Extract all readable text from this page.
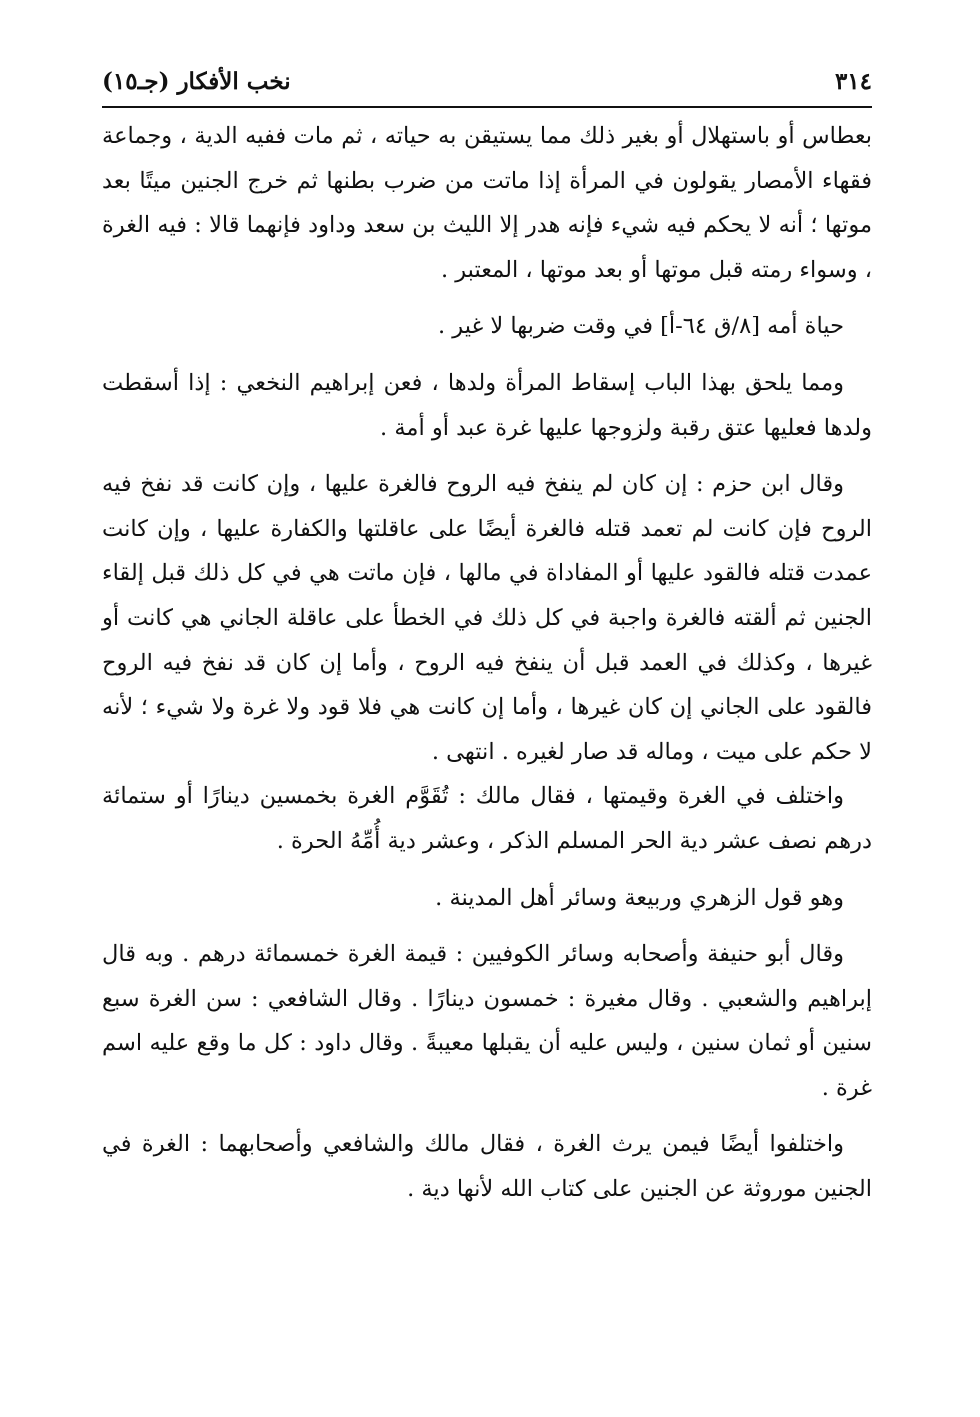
٣١٤
نخب الأفكار (جـ١٥)

بعطاس أو باستهلال أو بغير ذلك مما يستيقن به حياته ، ثم مات ففيه الدية ، وجماعة فقهاء الأمصار يقولون في المرأة إذا ماتت من ضرب بطنها ثم خرج الجنين ميتًا بعد موتها ؛ أنه لا يحكم فيه شيء فإنه هدر إلا الليث بن سعد وداود فإنهما قالا : فيه الغرة ، وسواء رمته قبل موتها أو بعد موتها ، المعتبر .

حياة أمه [٨/ق ٦٤-أ] في وقت ضربها لا غير .

ومما يلحق بهذا الباب إسقاط المرأة ولدها ، فعن إبراهيم النخعي : إذا أسقطت ولدها فعليها عتق رقبة ولزوجها عليها غرة عبد أو أمة .

وقال ابن حزم : إن كان لم ينفخ فيه الروح فالغرة عليها ، وإن كانت قد نفخ فيه الروح فإن كانت لم تعمد قتله فالغرة أيضًا على عاقلتها والكفارة عليها ، وإن كانت عمدت قتله فالقود عليها أو المفاداة في مالها ، فإن ماتت هي في كل ذلك قبل إلقاء الجنين ثم ألقته فالغرة واجبة في كل ذلك في الخطأ على عاقلة الجاني هي كانت أو غيرها ، وكذلك في العمد قبل أن ينفخ فيه الروح ، وأما إن كان قد نفخ فيه الروح فالقود على الجاني إن كان غيرها ، وأما إن كانت هي فلا قود ولا غرة ولا شيء ؛ لأنه لا حكم على ميت ، وماله قد صار لغيره . انتهى .

واختلف في الغرة وقيمتها ، فقال مالك : تُقَوَّم الغرة بخمسين دينارًا أو ستمائة درهم نصف عشر دية الحر المسلم الذكر ، وعشر دية أُمِّهُ الحرة .

وهو قول الزهري وربيعة وسائر أهل المدينة .

وقال أبو حنيفة وأصحابه وسائر الكوفيين : قيمة الغرة خمسمائة درهم . وبه قال إبراهيم والشعبي . وقال مغيرة : خمسون دينارًا . وقال الشافعي : سن الغرة سبع سنين أو ثمان سنين ، وليس عليه أن يقبلها معيبةً . وقال داود : كل ما وقع عليه اسم غرة .

واختلفوا أيضًا فيمن يرث الغرة ، فقال مالك والشافعي وأصحابهما : الغرة في الجنين موروثة عن الجنين على كتاب الله لأنها دية .
